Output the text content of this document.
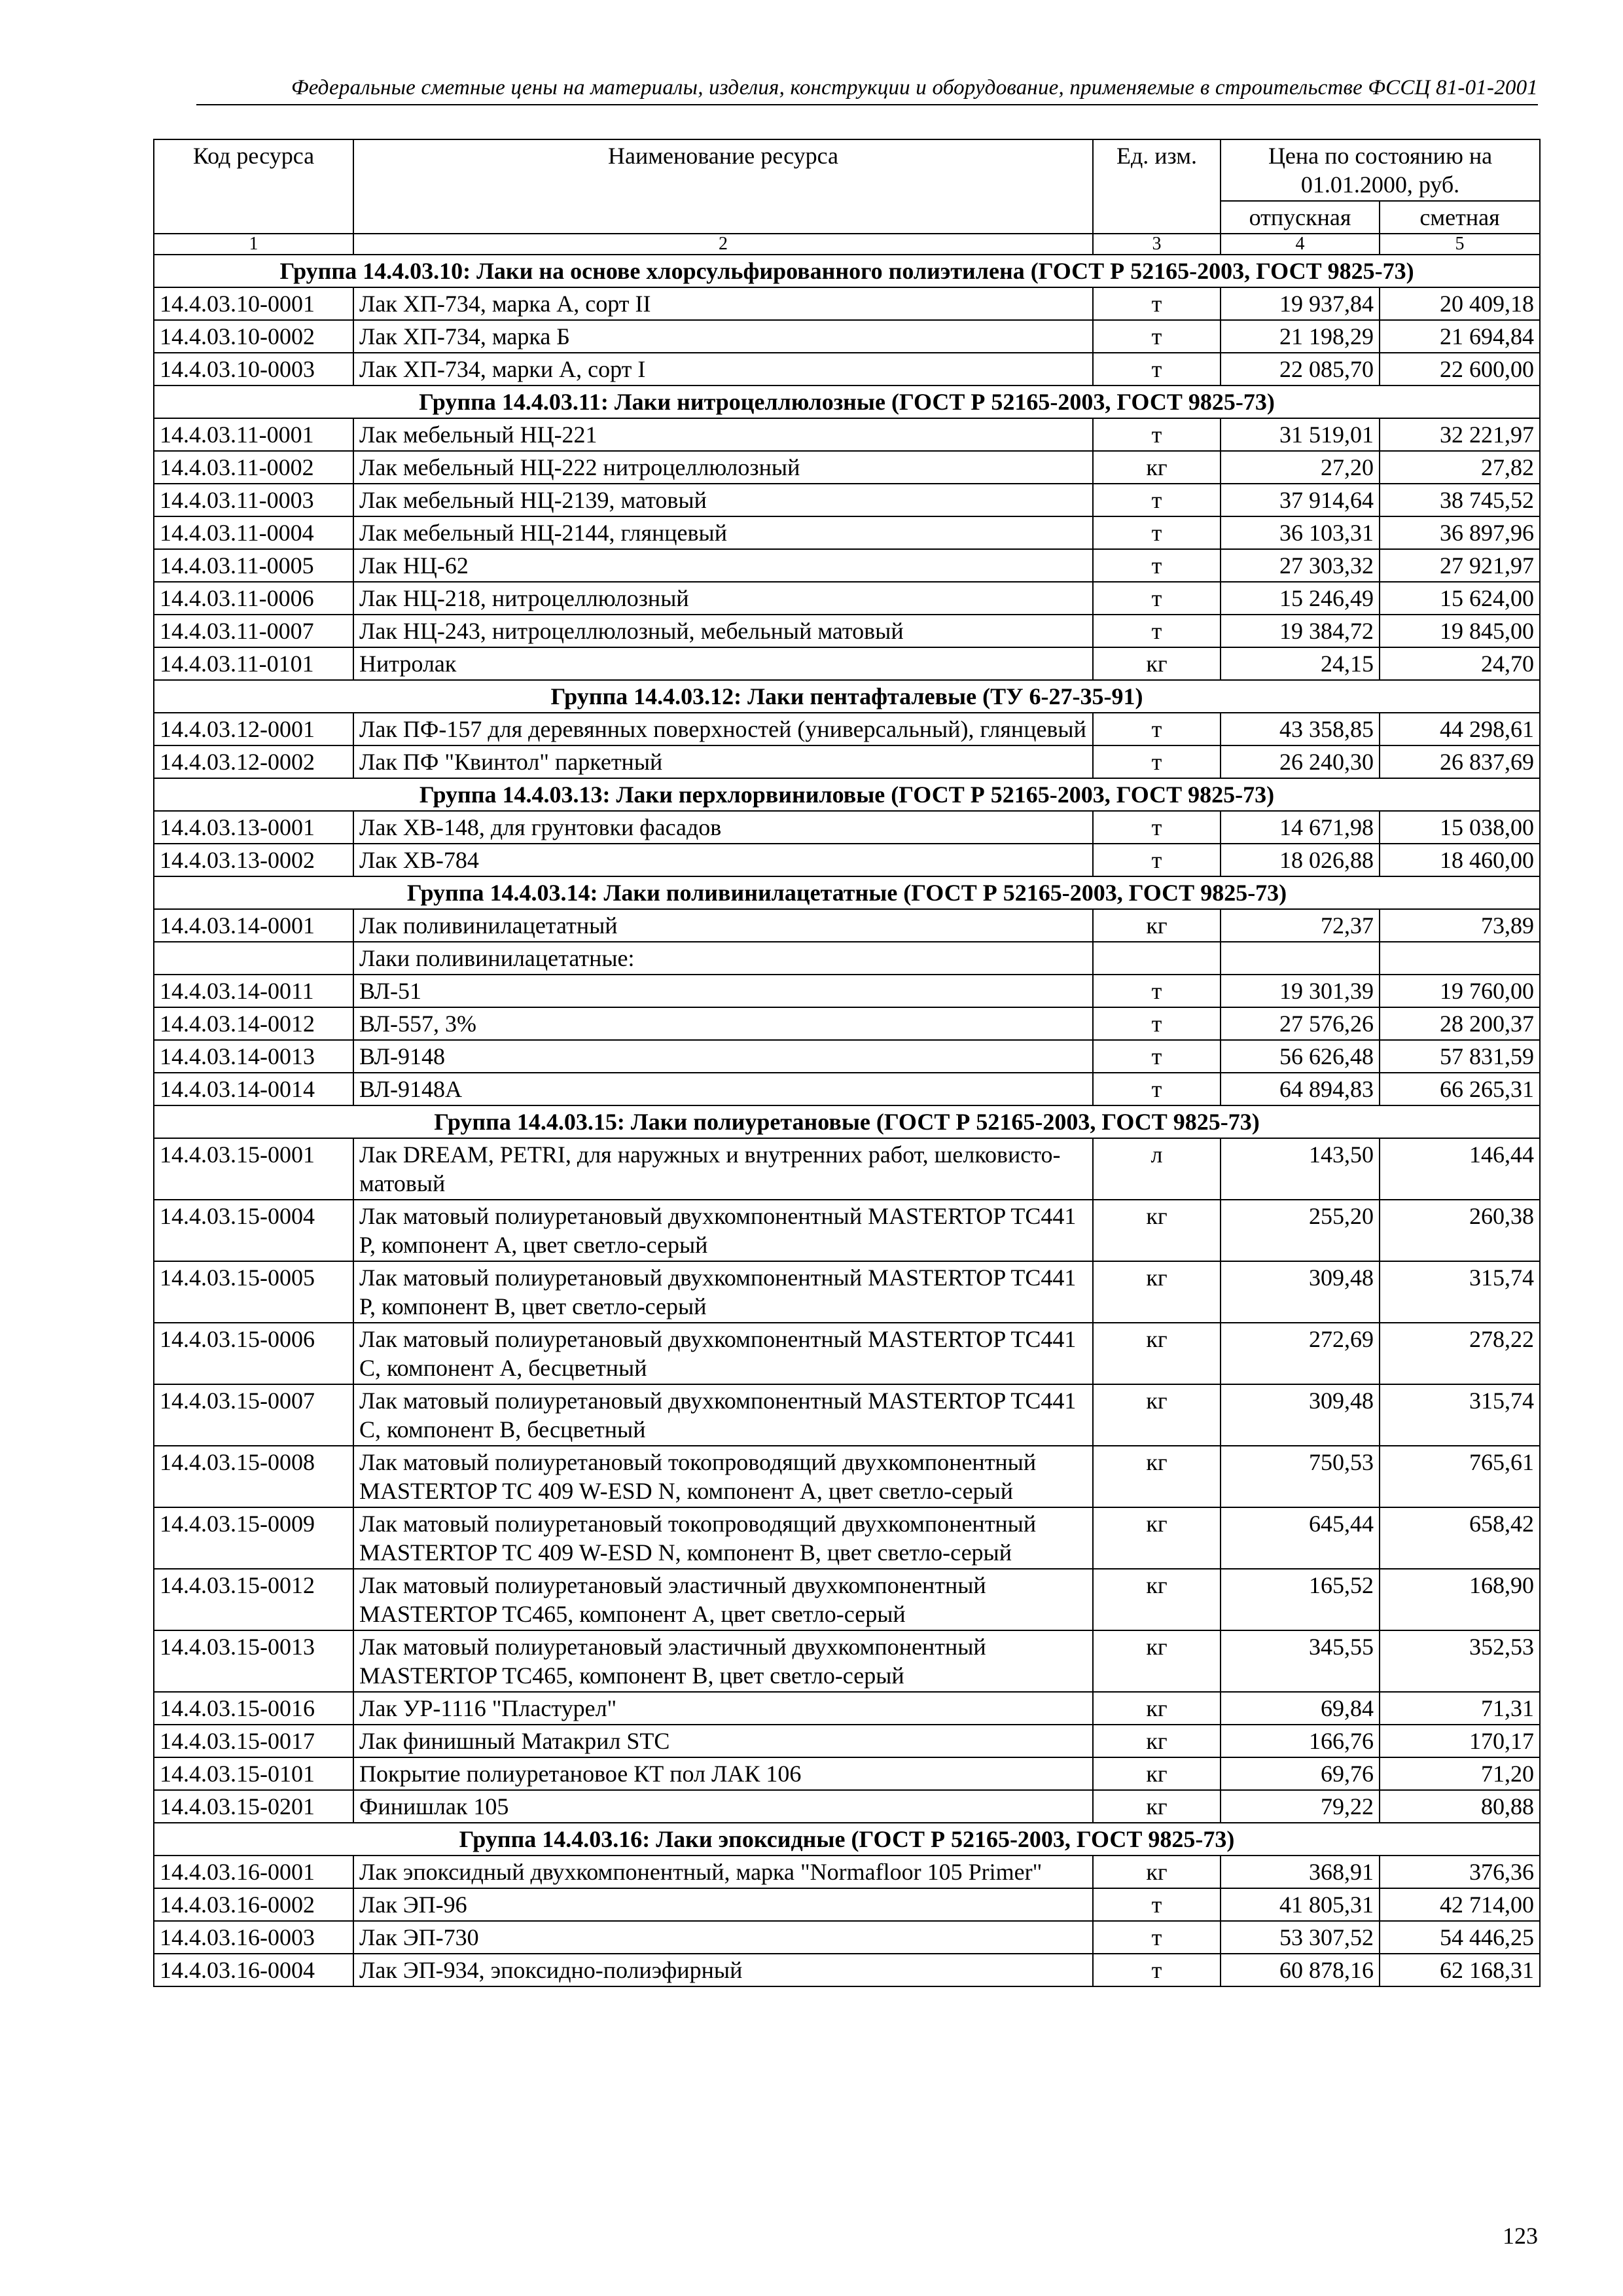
Федеральные сметные цены на материалы, изделия, конструкции и оборудование, применяемые в строительстве ФССЦ 81-01-2001
Код ресурса	Наименование ресурса	Ед. изм.	Цена по состоянию на 01.01.2000, руб.	
			отпускная	сметная
1	2	3	4	5
Группа 14.4.03.10: Лаки на основе хлорсульфированного полиэтилена (ГОСТ Р 52165-2003, ГОСТ 9825-73)				
14.4.03.10-0001	Лак ХП-734, марка А, сорт II	т	19 937,84	20 409,18
14.4.03.10-0002	Лак ХП-734, марка Б	т	21 198,29	21 694,84
14.4.03.10-0003	Лак ХП-734, марки А, сорт I	т	22 085,70	22 600,00
Группа 14.4.03.11: Лаки нитроцеллюлозные (ГОСТ Р 52165-2003, ГОСТ 9825-73)				
14.4.03.11-0001	Лак мебельный НЦ-221	т	31 519,01	32 221,97
14.4.03.11-0002	Лак мебельный НЦ-222 нитроцеллюлозный	кг	27,20	27,82
14.4.03.11-0003	Лак мебельный НЦ-2139, матовый	т	37 914,64	38 745,52
14.4.03.11-0004	Лак мебельный НЦ-2144, глянцевый	т	36 103,31	36 897,96
14.4.03.11-0005	Лак НЦ-62	т	27 303,32	27 921,97
14.4.03.11-0006	Лак НЦ-218, нитроцеллюлозный	т	15 246,49	15 624,00
14.4.03.11-0007	Лак НЦ-243, нитроцеллюлозный, мебельный матовый	т	19 384,72	19 845,00
14.4.03.11-0101	Нитролак	кг	24,15	24,70
Группа 14.4.03.12: Лаки пентафталевые (ТУ 6-27-35-91)				
14.4.03.12-0001	Лак ПФ-157 для деревянных поверхностей (универсальный), глянцевый	т	43 358,85	44 298,61
14.4.03.12-0002	Лак ПФ "Квинтол" паркетный	т	26 240,30	26 837,69
Группа 14.4.03.13: Лаки перхлорвиниловые (ГОСТ Р 52165-2003, ГОСТ 9825-73)				
14.4.03.13-0001	Лак ХВ-148, для грунтовки фасадов	т	14 671,98	15 038,00
14.4.03.13-0002	Лак ХВ-784	т	18 026,88	18 460,00
Группа 14.4.03.14: Лаки поливинилацетатные (ГОСТ Р 52165-2003, ГОСТ 9825-73)				
14.4.03.14-0001	Лак поливинилацетатный	кг	72,37	73,89
	Лаки поливинилацетатные:			
14.4.03.14-0011	ВЛ-51	т	19 301,39	19 760,00
14.4.03.14-0012	ВЛ-557, 3%	т	27 576,26	28 200,37
14.4.03.14-0013	ВЛ-9148	т	56 626,48	57 831,59
14.4.03.14-0014	ВЛ-9148А	т	64 894,83	66 265,31
Группа 14.4.03.15: Лаки полиуретановые (ГОСТ Р 52165-2003, ГОСТ 9825-73)				
14.4.03.15-0001	Лак DREAM, PETRI, для наружных и внутренних работ, шелковисто-матовый	л	143,50	146,44
14.4.03.15-0004	Лак матовый полиуретановый двухкомпонентный MASTERTOP TC441 P, компонент А, цвет светло-серый	кг	255,20	260,38
14.4.03.15-0005	Лак матовый полиуретановый двухкомпонентный MASTERTOP TC441 P, компонент В, цвет светло-серый	кг	309,48	315,74
14.4.03.15-0006	Лак матовый полиуретановый двухкомпонентный MASTERTOP TC441 С, компонент А, бесцветный	кг	272,69	278,22
14.4.03.15-0007	Лак матовый полиуретановый двухкомпонентный MASTERTOP TC441 С, компонент В, бесцветный	кг	309,48	315,74
14.4.03.15-0008	Лак матовый полиуретановый токопроводящий двухкомпонентный MASTERTOP TC 409 W-ESD N, компонент А, цвет светло-серый	кг	750,53	765,61
14.4.03.15-0009	Лак матовый полиуретановый токопроводящий двухкомпонентный MASTERTOP TC 409 W-ESD N, компонент В, цвет светло-серый	кг	645,44	658,42
14.4.03.15-0012	Лак матовый полиуретановый эластичный двухкомпонентный MASTERTOP TC465, компонент А, цвет светло-серый	кг	165,52	168,90
14.4.03.15-0013	Лак матовый полиуретановый эластичный двухкомпонентный MASTERTOP TC465, компонент В, цвет светло-серый	кг	345,55	352,53
14.4.03.15-0016	Лак УР-1116 "Пластурел"	кг	69,84	71,31
14.4.03.15-0017	Лак финишный Матакрил STC	кг	166,76	170,17
14.4.03.15-0101	Покрытие полиуретановое КТ пол ЛАК 106	кг	69,76	71,20
14.4.03.15-0201	Финишлак 105	кг	79,22	80,88
Группа 14.4.03.16: Лаки эпоксидные (ГОСТ Р 52165-2003, ГОСТ 9825-73)				
14.4.03.16-0001	Лак эпоксидный двухкомпонентный, марка "Normafloor 105 Primer"	кг	368,91	376,36
14.4.03.16-0002	Лак ЭП-96	т	41 805,31	42 714,00
14.4.03.16-0003	Лак ЭП-730	т	53 307,52	54 446,25
14.4.03.16-0004	Лак ЭП-934, эпоксидно-полиэфирный	т	60 878,16	62 168,31
123
